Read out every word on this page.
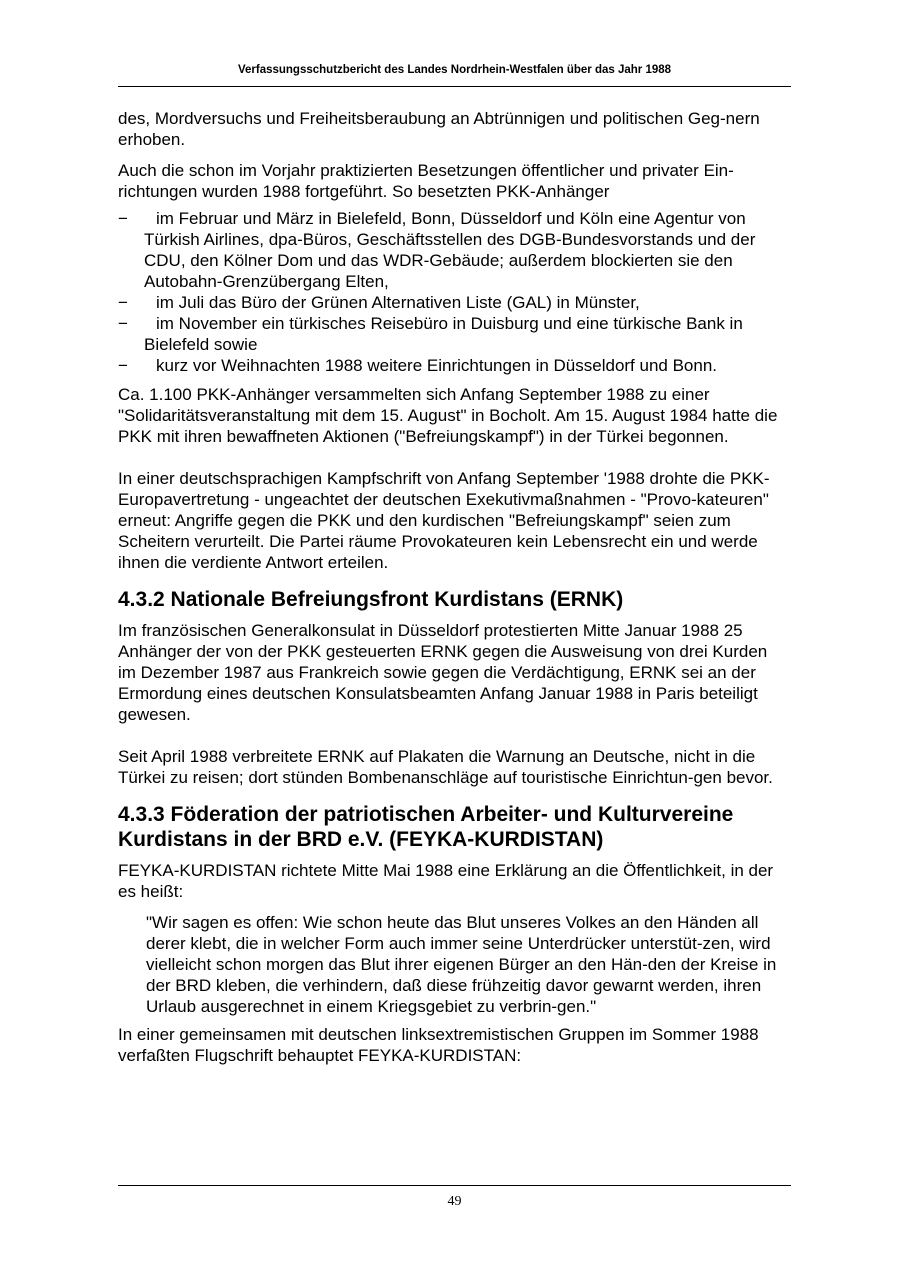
Verfassungsschutzbericht des Landes Nordrhein-Westfalen über das Jahr 1988

des, Mordversuchs und Freiheitsberaubung an Abtrünnigen und politischen Geg-nern erhoben.

Auch die schon im Vorjahr praktizierten Besetzungen öffentlicher und privater Ein-richtungen wurden 1988 fortgeführt. So besetzten PKK-Anhänger

−	im Februar und März in Bielefeld, Bonn, Düsseldorf und Köln eine Agentur von Türkish Airlines, dpa-Büros, Geschäftsstellen des DGB-Bundesvorstands und der CDU, den Kölner Dom und das WDR-Gebäude; außerdem blockierten sie den Autobahn-Grenzübergang Elten,
−	im Juli das Büro der Grünen Alternativen Liste (GAL) in Münster,
−	im November ein türkisches Reisebüro in Duisburg und eine türkische Bank in Bielefeld sowie
−	kurz vor Weihnachten 1988 weitere Einrichtungen in Düsseldorf und Bonn.

Ca. 1.100 PKK-Anhänger versammelten sich Anfang September 1988 zu einer "Solidaritätsveranstaltung mit dem 15. August" in Bocholt. Am 15. August 1984 hatte die PKK mit ihren bewaffneten Aktionen ("Befreiungskampf") in der Türkei begonnen.

In einer deutschsprachigen Kampfschrift von Anfang September '1988 drohte die PKK-Europavertretung - ungeachtet der deutschen Exekutivmaßnahmen - "Provo-kateuren" erneut: Angriffe gegen die PKK und den kurdischen "Befreiungskampf" seien zum Scheitern verurteilt. Die Partei räume Provokateuren kein Lebensrecht ein und werde ihnen die verdiente Antwort erteilen.

4.3.2 Nationale Befreiungsfront Kurdistans (ERNK)

Im französischen Generalkonsulat in Düsseldorf protestierten Mitte Januar 1988 25 Anhänger der von der PKK gesteuerten ERNK gegen die Ausweisung von drei Kurden im Dezember 1987 aus Frankreich sowie gegen die Verdächtigung, ERNK sei an der Ermordung eines deutschen Konsulatsbeamten Anfang Januar 1988 in Paris beteiligt gewesen.

Seit April 1988 verbreitete ERNK auf Plakaten die Warnung an Deutsche, nicht in die Türkei zu reisen; dort stünden Bombenanschläge auf touristische Einrichtun-gen bevor.

4.3.3 Föderation der patriotischen Arbeiter- und Kulturvereine Kurdistans in der BRD e.V. (FEYKA-KURDISTAN)

FEYKA-KURDISTAN richtete Mitte Mai 1988 eine Erklärung an die Öffentlichkeit, in der es heißt:

"Wir sagen es offen: Wie schon heute das Blut unseres Volkes an den Händen all derer klebt, die in welcher Form auch immer seine Unterdrücker unterstüt-zen, wird vielleicht schon morgen das Blut ihrer eigenen Bürger an den Hän-den der Kreise in der BRD kleben, die verhindern, daß diese frühzeitig davor gewarnt werden, ihren Urlaub ausgerechnet in einem Kriegsgebiet zu verbrin-gen."

In einer gemeinsamen mit deutschen linksextremistischen Gruppen im Sommer 1988 verfaßten Flugschrift behauptet FEYKA-KURDISTAN:

49
